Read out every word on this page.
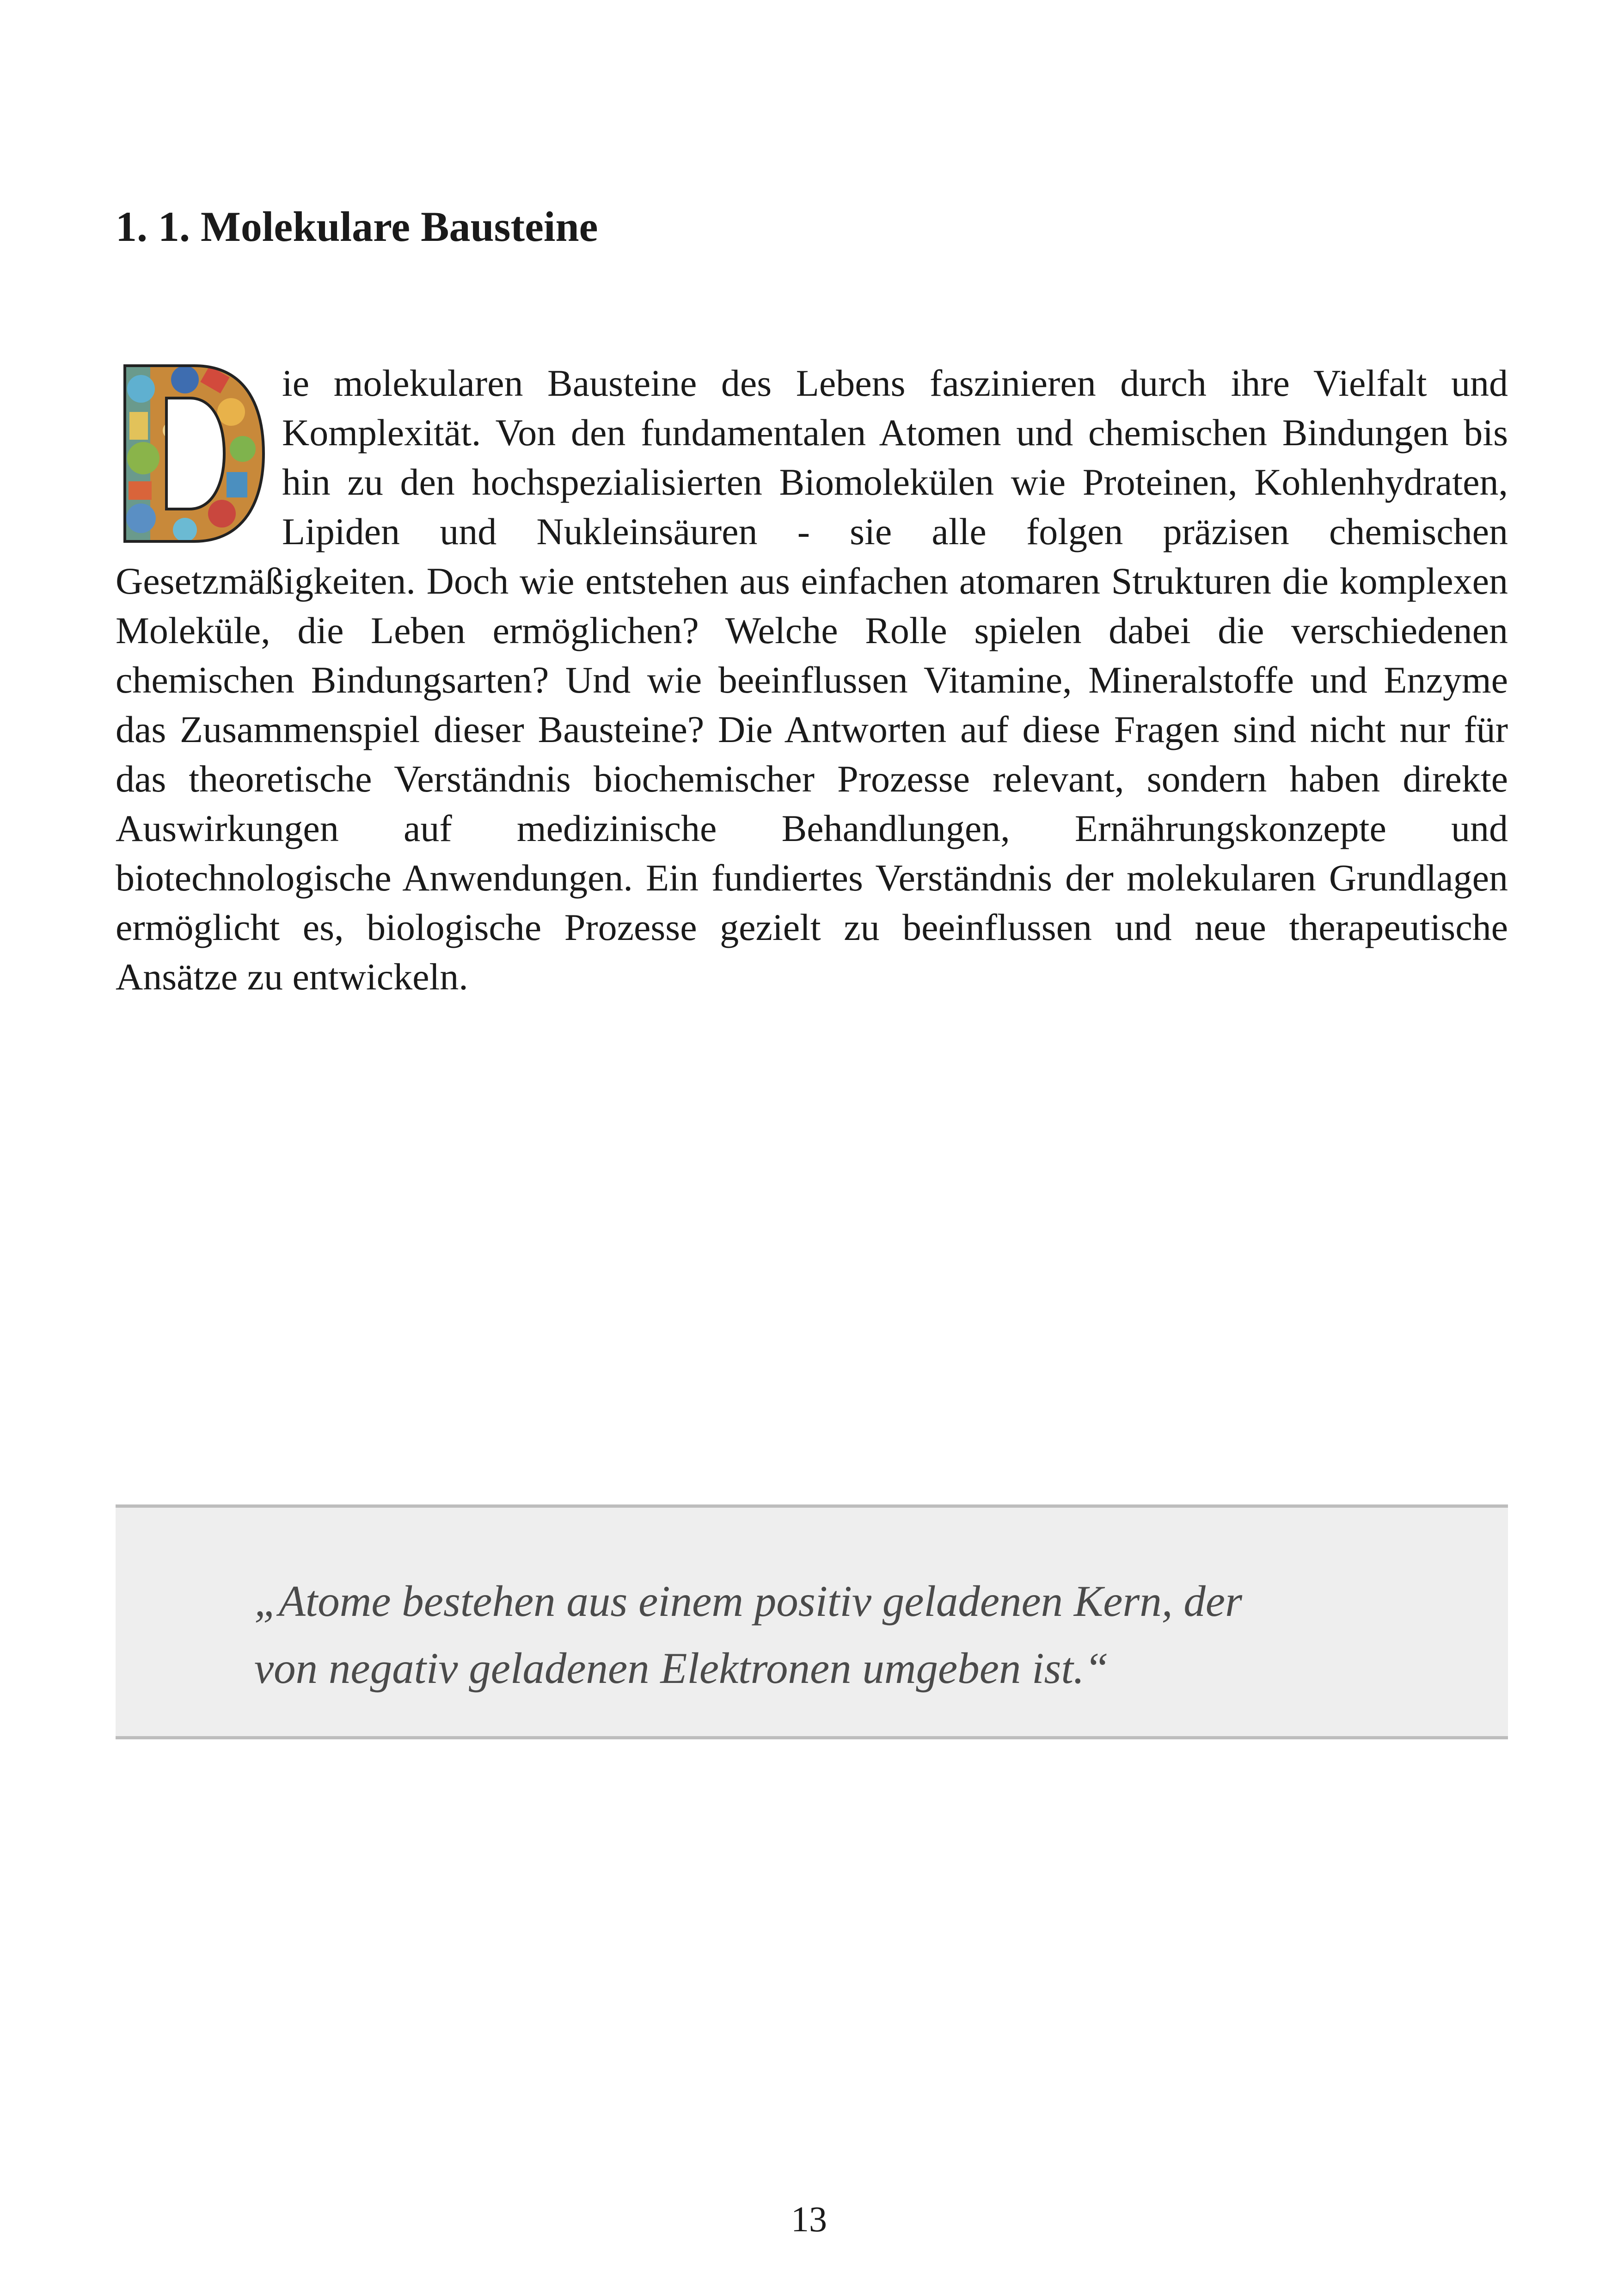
1. 1. Molekulare Bausteine
ie molekularen Bausteine des Lebens faszinieren durch ihre Vielfalt und Komplexität. Von den fundamentalen Atomen und chemischen Bindungen bis hin zu den hochspezialisierten Biomolekülen wie Proteinen, Kohlenhydraten, Lipiden und Nukleinsäuren - sie alle folgen präzisen chemischen Gesetzmäßigkeiten. Doch wie entstehen aus einfachen atomaren Strukturen die komplexen Moleküle, die Leben ermöglichen? Welche Rolle spielen dabei die verschiedenen chemischen Bindungsarten? Und wie beeinflussen Vitamine, Mineralstoffe und Enzyme das Zusammenspiel dieser Bausteine? Die Antworten auf diese Fragen sind nicht nur für das theoretische Verständnis biochemischer Prozesse relevant, sondern haben direkte Auswirkungen auf medizinische Behandlungen, Ernährungskonzepte und biotechnologische Anwendungen. Ein fundiertes Verständnis der molekularen Grundlagen ermöglicht es, biologische Prozesse gezielt zu beeinflussen und neue therapeutische Ansätze zu entwickeln.

„Atome bestehen aus einem positiv geladenen Kern, der
von negativ geladenen Elektronen umgeben ist.“

13
